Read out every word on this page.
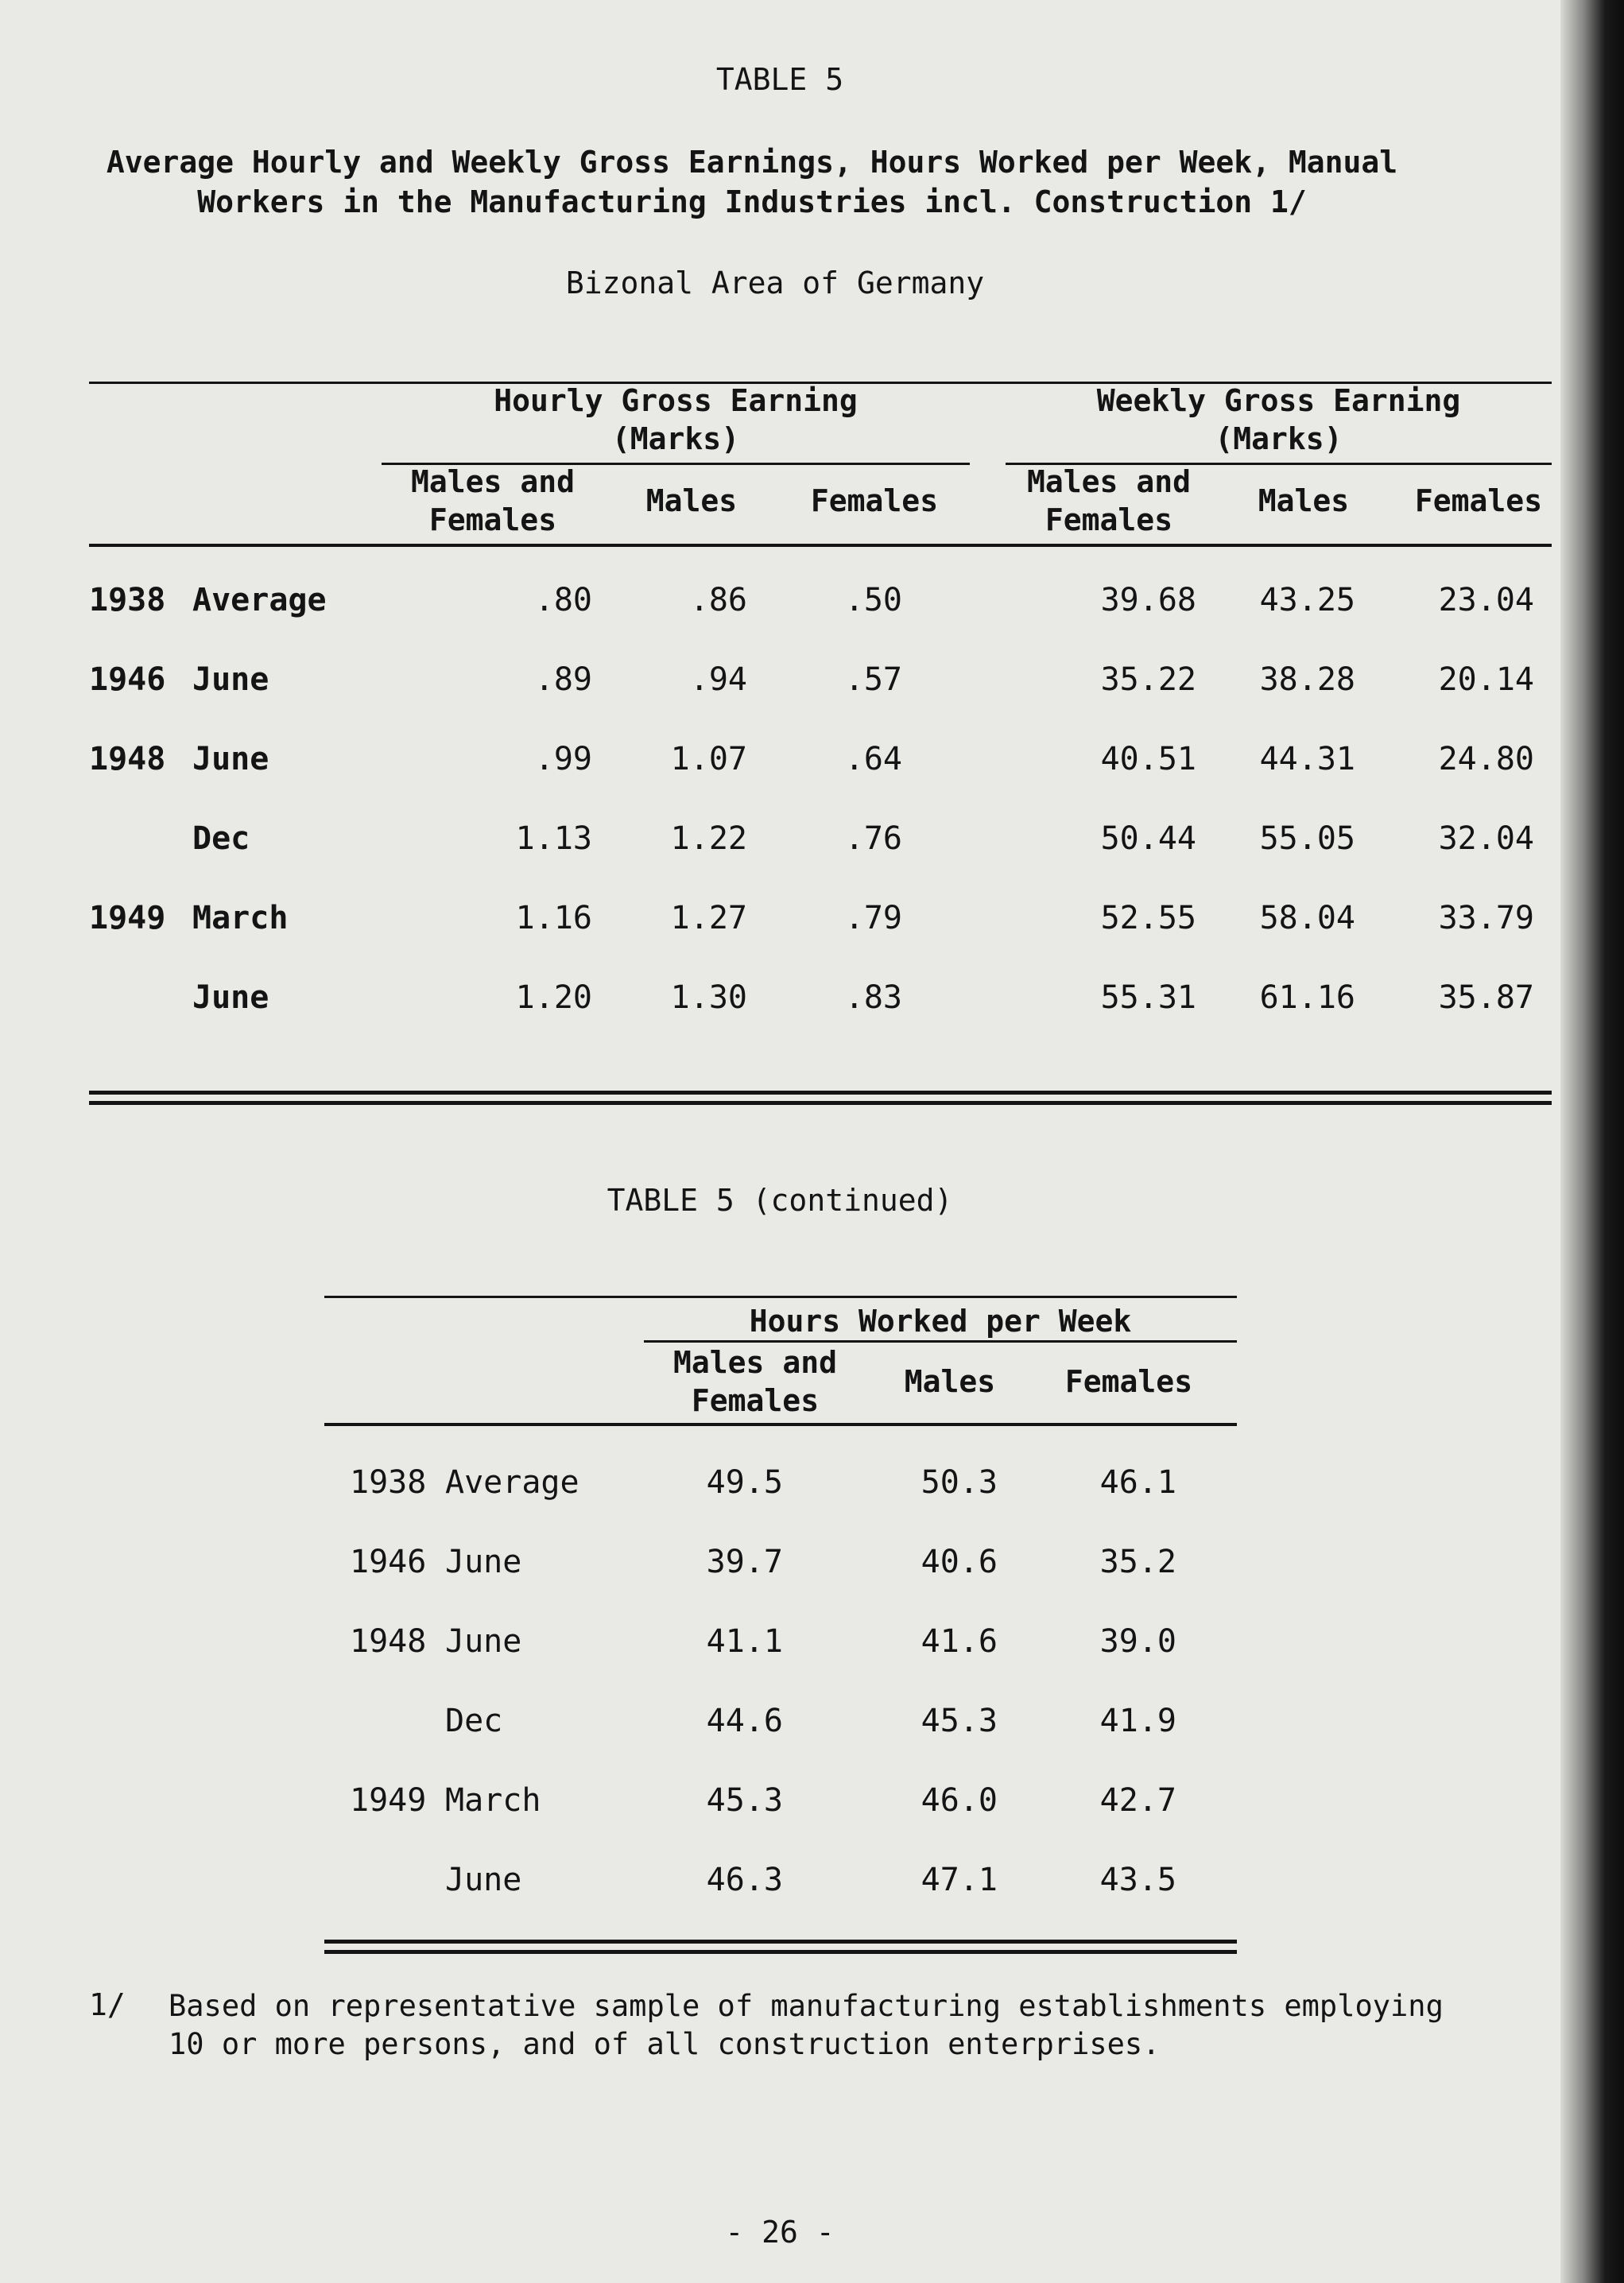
TABLE 5
Average Hourly and Weekly Gross Earnings, Hours Worked per Week, Manual
Workers in the Manufacturing Industries incl. Construction 1/
Bizonal Area of Germany
Hourly Gross Earning
(Marks)
Weekly Gross Earning
(Marks)
Males and
Females
Males	Females
Males and
Females
Males	Females
1938 Average	.80	.86	.50	39.68	43.25	23.04
1946 June	.89	.94	.57	35.22	38.28	20.14
1948 June	.99	1.07	.64	40.51	44.31	24.80
Dec	1.13	1.22	.76	50.44	55.05	32.04
1949 March	1.16	1.27	.79	52.55	58.04	33.79
June	1.20	1.30	.83	55.31	61.16	35.87
TABLE 5 (continued)
Hours Worked per Week
Males and
Females
Males	Females
1938 Average	49.5	50.3	46.1
1946 June	39.7	40.6	35.2
1948 June	41.1	41.6	39.0
Dec	44.6	45.3	41.9
1949 March	45.3	46.0	42.7
June	46.3	47.1	43.5
1/ Based on representative sample of manufacturing establishments employing
10 or more persons, and of all construction enterprises.
- 26 -
